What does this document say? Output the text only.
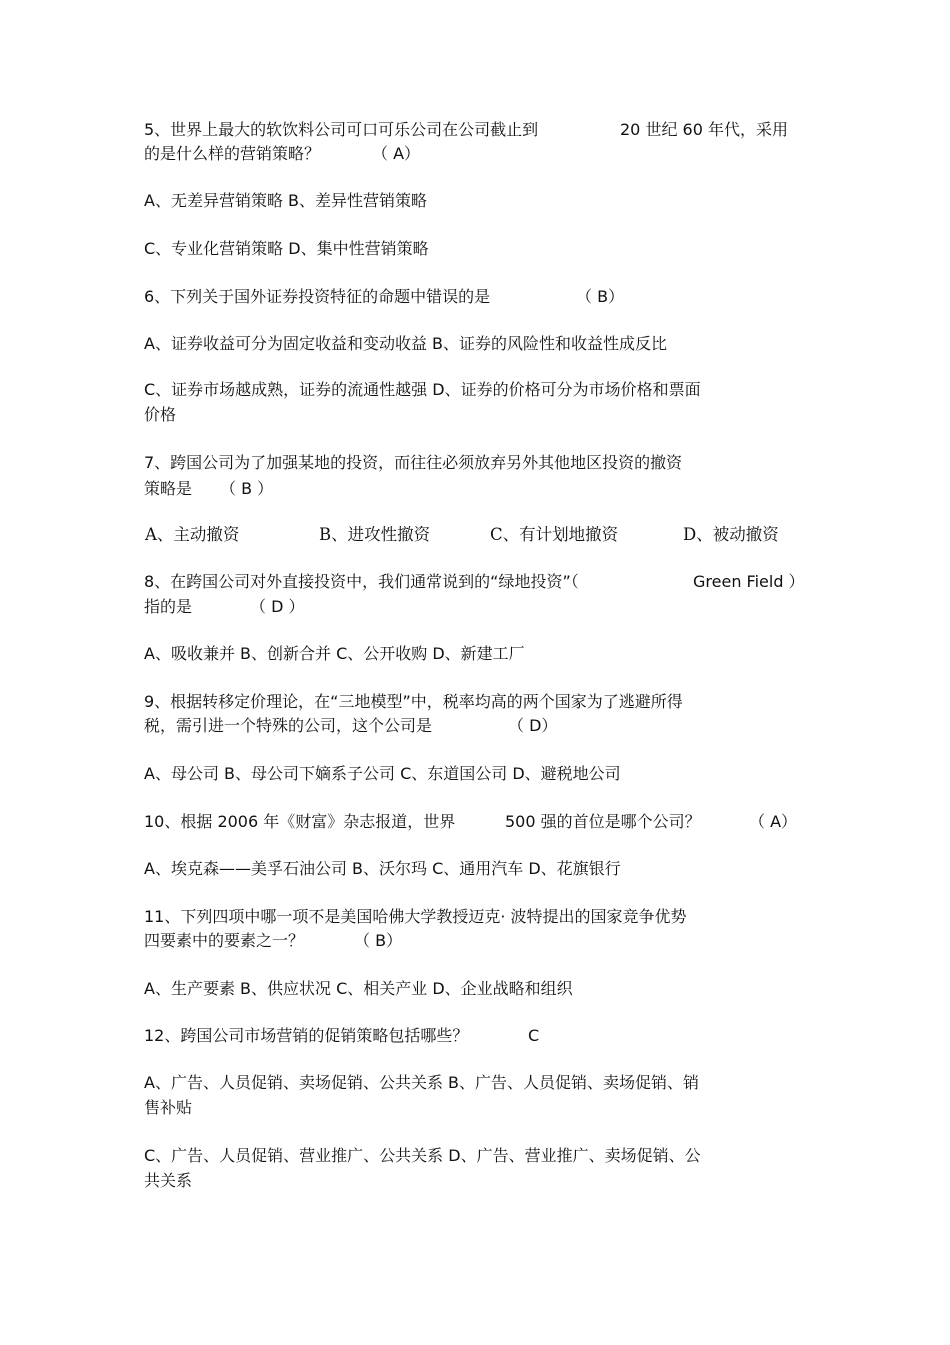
5、世界上最大的软饮料公司可口可乐公司在公司截止到	20 世纪 60 年代，采用
的是什么样的营销策略？	（ A）
A、无差异营销策略 B、差异性营销策略
C、专业化营销策略 D、集中性营销策略
6、下列关于国外证券投资特征的命题中错误的是	（ B）
A、证券收益可分为固定收益和变动收益 B、证券的风险性和收益性成反比
C、证券市场越成熟，证券的流通性越强 D、证券的价格可分为市场价格和票面
价格
7、跨国公司为了加强某地的投资，而往往必须放弃另外其他地区投资的撤资
策略是 （ B ）
A、主动撤资	B、进攻性撤资	C、有计划地撤资	D、被动撤资
8、在跨国公司对外直接投资中，我们通常说到的“绿地投资”（	Green Field ）
指的是	（ D ）
A、吸收兼并 B、创新合并 C、公开收购 D、新建工厂
9、根据转移定价理论，在“三地模型”中，税率均高的两个国家为了逃避所得
税，需引进一个特殊的公司，这个公司是	（ D）
A、母公司 B、母公司下嫡系子公司 C、东道国公司 D、避税地公司
10、根据 2006 年《财富》杂志报道，世界	500 强的首位是哪个公司？	（ A）
A、埃克森——美孚石油公司 B、沃尔玛 C、通用汽车 D、花旗银行
11、下列四项中哪一项不是美国哈佛大学教授迈克· 波特提出的国家竞争优势
四要素中的要素之一？	（ B）
A、生产要素 B、供应状况 C、相关产业 D、企业战略和组织
12、跨国公司市场营销的促销策略包括哪些？	C
A、广告、人员促销、卖场促销、公共关系 B、广告、人员促销、卖场促销、销
售补贴
C、广告、人员促销、营业推广、公共关系 D、广告、营业推广、卖场促销、公
共关系
